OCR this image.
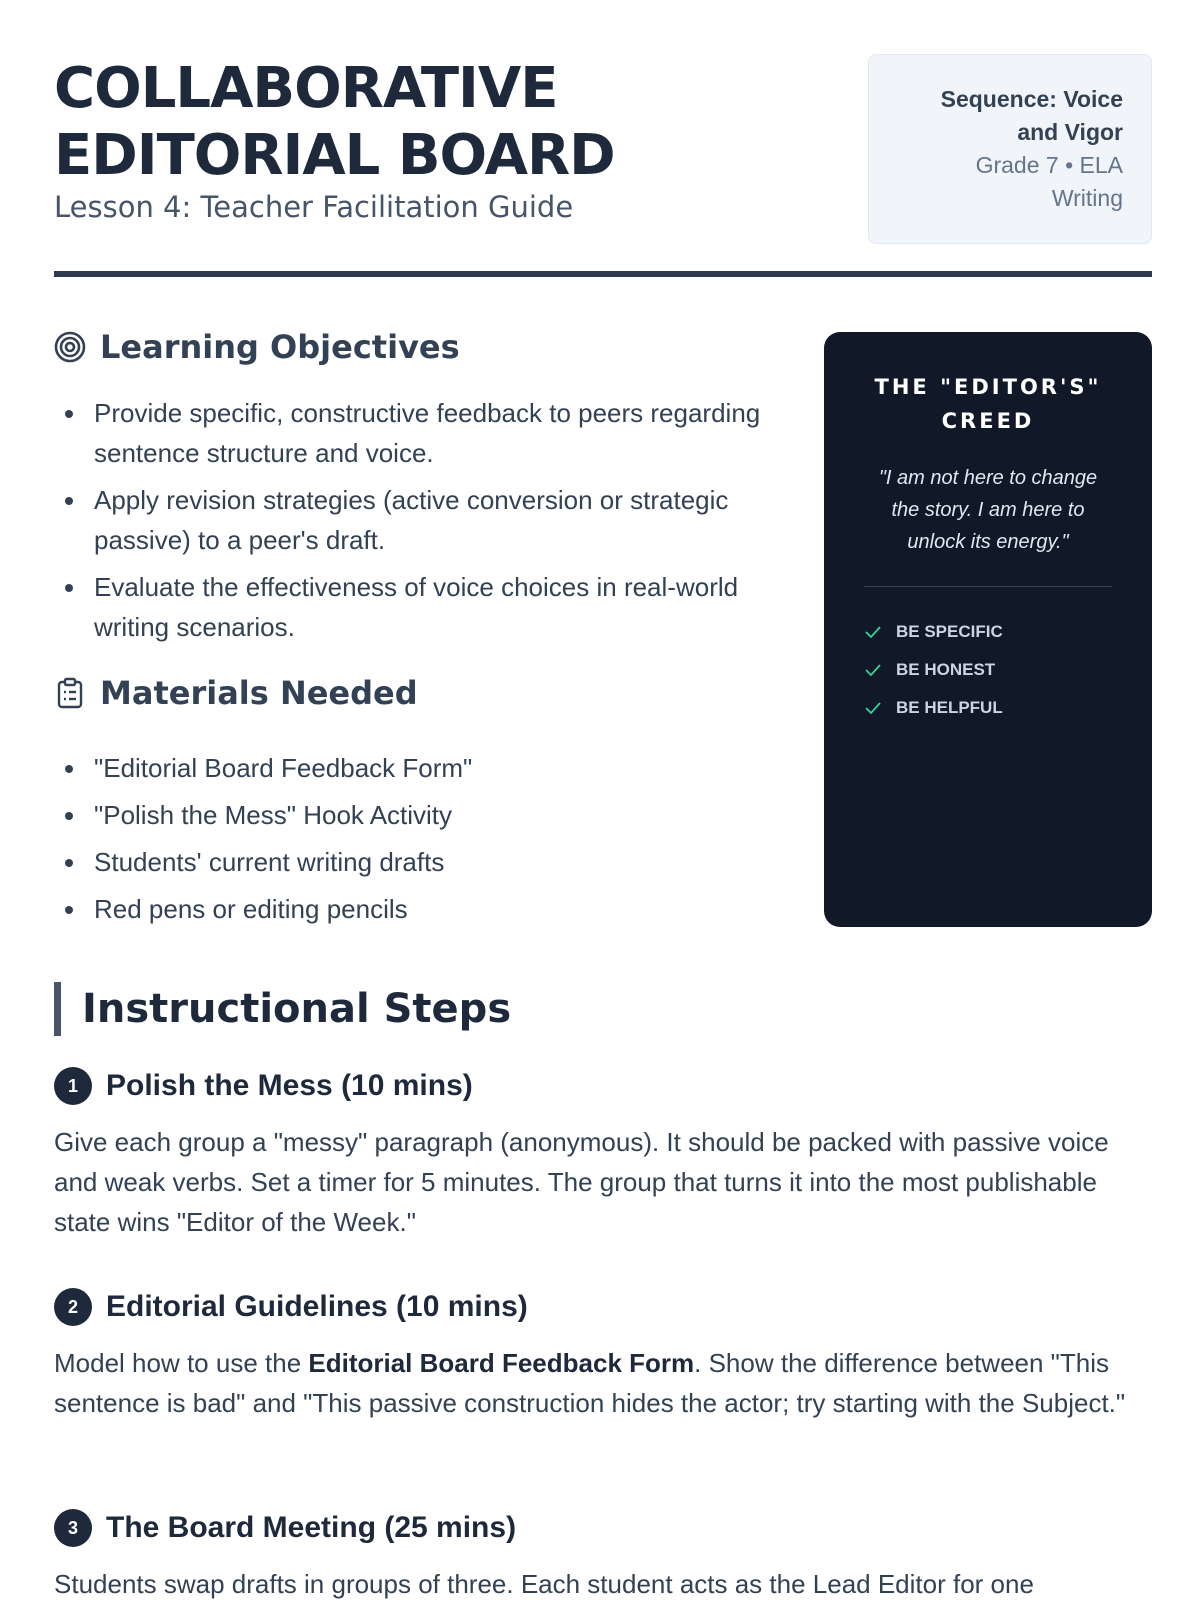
COLLABORATIVE
EDITORIAL BOARD
Lesson 4: Teacher Facilitation Guide
Sequence: Voice
and Vigor
Grade 7 • ELA
Writing
Learning Objectives
Provide specific, constructive feedback to peers regarding sentence structure and voice.
Apply revision strategies (active conversion or strategic passive) to a peer's draft.
Evaluate the effectiveness of voice choices in real-world writing scenarios.
Materials Needed
"Editorial Board Feedback Form"
"Polish the Mess" Hook Activity
Students' current writing drafts
Red pens or editing pencils
THE "EDITOR'S"
CREED
"I am not here to change the story. I am here to unlock its energy."
BE SPECIFIC
BE HONEST
BE HELPFUL
Instructional Steps
1 Polish the Mess (10 mins)
Give each group a "messy" paragraph (anonymous). It should be packed with passive voice and weak verbs. Set a timer for 5 minutes. The group that turns it into the most publishable state wins "Editor of the Week."
2 Editorial Guidelines (10 mins)
Model how to use the Editorial Board Feedback Form. Show the difference between "This sentence is bad" and "This passive construction hides the actor; try starting with the Subject."
3 The Board Meeting (25 mins)
Students swap drafts in groups of three. Each student acts as the Lead Editor for one
